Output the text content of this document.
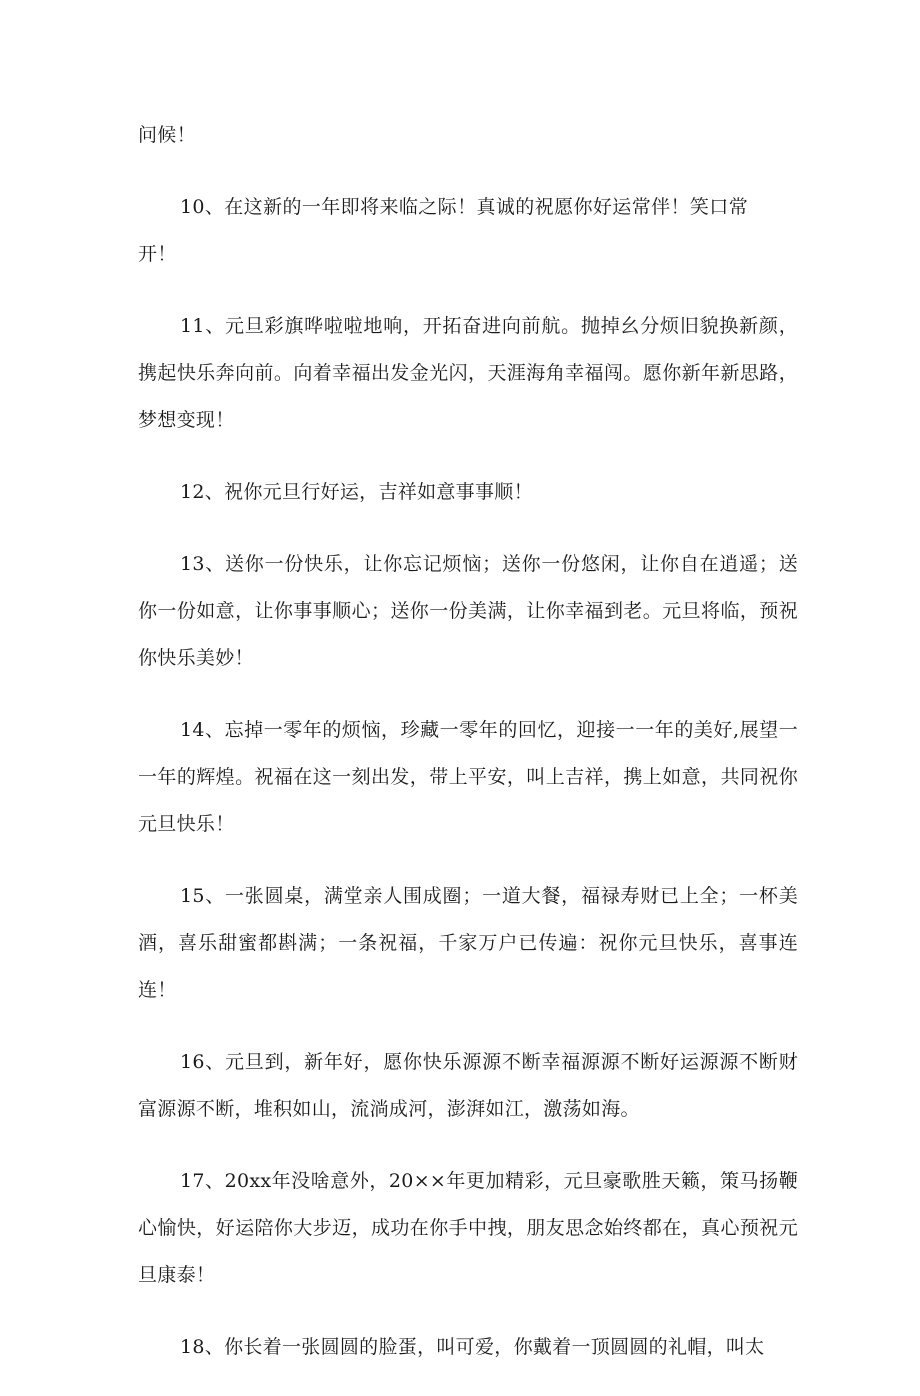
问候！

10、在这新的一年即将来临之际！真诚的祝愿你好运常伴！笑口常开！

11、元旦彩旗哗啦啦地响，开拓奋进向前航。抛掉幺分烦旧貌换新颜，携起快乐奔向前。向着幸福出发金光闪，天涯海角幸福闯。愿你新年新思路，梦想变现！

12、祝你元旦行好运，吉祥如意事事顺！

13、送你一份快乐，让你忘记烦恼；送你一份悠闲，让你自在逍遥；送你一份如意，让你事事顺心；送你一份美满，让你幸福到老。元旦将临，预祝你快乐美妙！

14、忘掉一零年的烦恼，珍藏一零年的回忆，迎接一一年的美好,展望一一年的辉煌。祝福在这一刻出发，带上平安，叫上吉祥，携上如意，共同祝你元旦快乐！

15、一张圆桌，满堂亲人围成圈；一道大餐，福禄寿财已上全；一杯美酒，喜乐甜蜜都斟满；一条祝福，千家万户已传遍：祝你元旦快乐，喜事连连！

16、元旦到，新年好，愿你快乐源源不断幸福源源不断好运源源不断财富源源不断，堆积如山，流淌成河，澎湃如江，激荡如海。

17、20xx年没啥意外，20××年更加精彩，元旦豪歌胜天籁，策马扬鞭心愉快，好运陪你大步迈，成功在你手中拽，朋友思念始终都在，真心预祝元旦康泰！

18、你长着一张圆圆的脸蛋，叫可爱，你戴着一顶圆圆的礼帽，叫太
